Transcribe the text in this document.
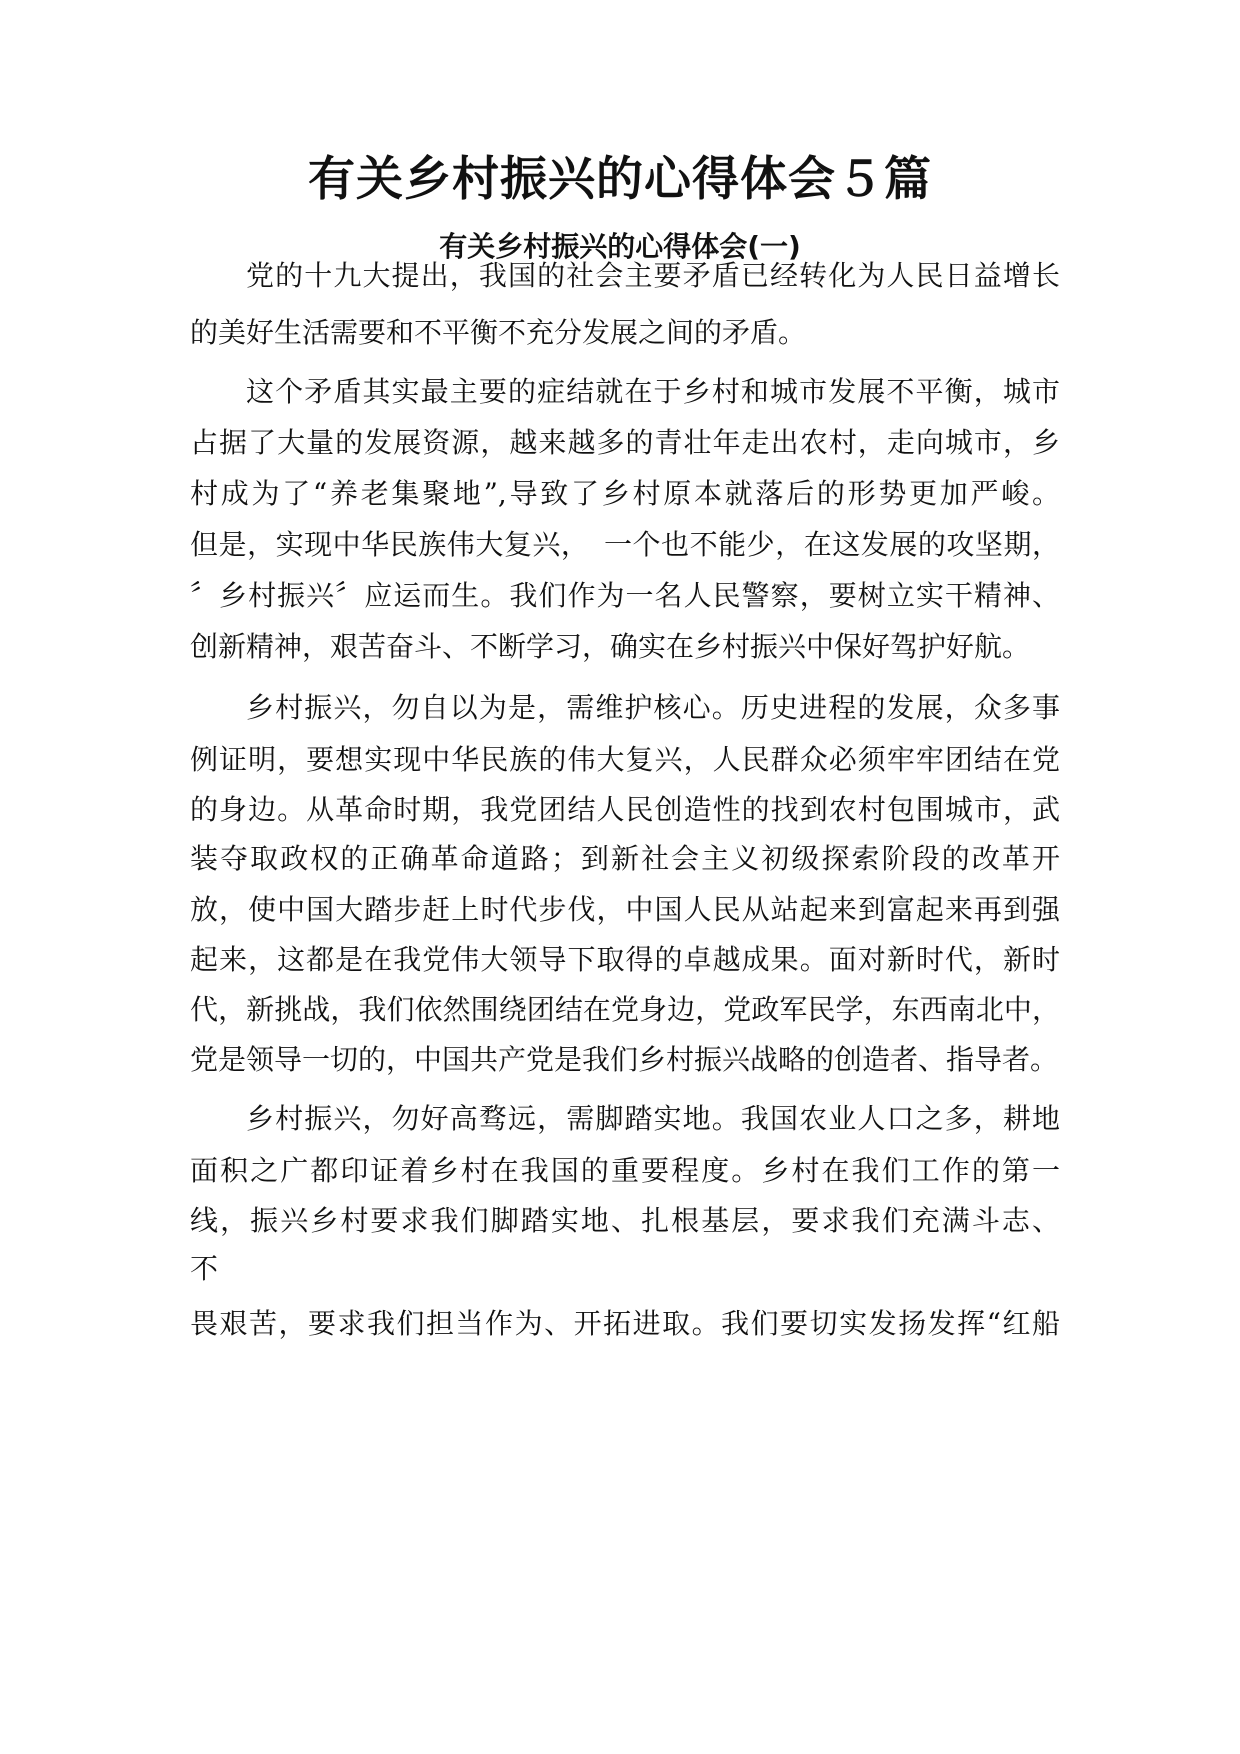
有关乡村振兴的心得体会５篇
有关乡村振兴的心得体会(一)
党的十九大提出，我国的社会主要矛盾已经转化为人民日益增长
的美好生活需要和不平衡不充分发展之间的矛盾。
这个矛盾其实最主要的症结就在于乡村和城市发展不平衡，城市
占据了大量的发展资源，越来越多的青壮年走出农村，走向城市，乡
村成为了“养老集聚地”,导致了乡村原本就落后的形势更加严峻。
但是，实现中华民族伟大复兴，　一个也不能少，在这发展的攻坚期，
〞乡村振兴〞应运而生。我们作为一名人民警察，要树立实干精神、
创新精神，艰苦奋斗、不断学习，确实在乡村振兴中保好驾护好航。
乡村振兴，勿自以为是，需维护核心。历史进程的发展，众多事
例证明，要想实现中华民族的伟大复兴，人民群众必须牢牢团结在党
的身边。从革命时期，我党团结人民创造性的找到农村包围城市，武
装夺取政权的正确革命道路；到新社会主义初级探索阶段的改革开
放，使中国大踏步赶上时代步伐，中国人民从站起来到富起来再到强
起来，这都是在我党伟大领导下取得的卓越成果。面对新时代，新时
代，新挑战，我们依然围绕团结在党身边，党政军民学，东西南北中，
党是领导一切的，中国共产党是我们乡村振兴战略的创造者、指导者。
乡村振兴，勿好高骛远，需脚踏实地。我国农业人口之多，耕地
面积之广都印证着乡村在我国的重要程度。乡村在我们工作的第一
线，振兴乡村要求我们脚踏实地、扎根基层，要求我们充满斗志、
不
畏艰苦，要求我们担当作为、开拓进取。我们要切实发扬发挥“红船
